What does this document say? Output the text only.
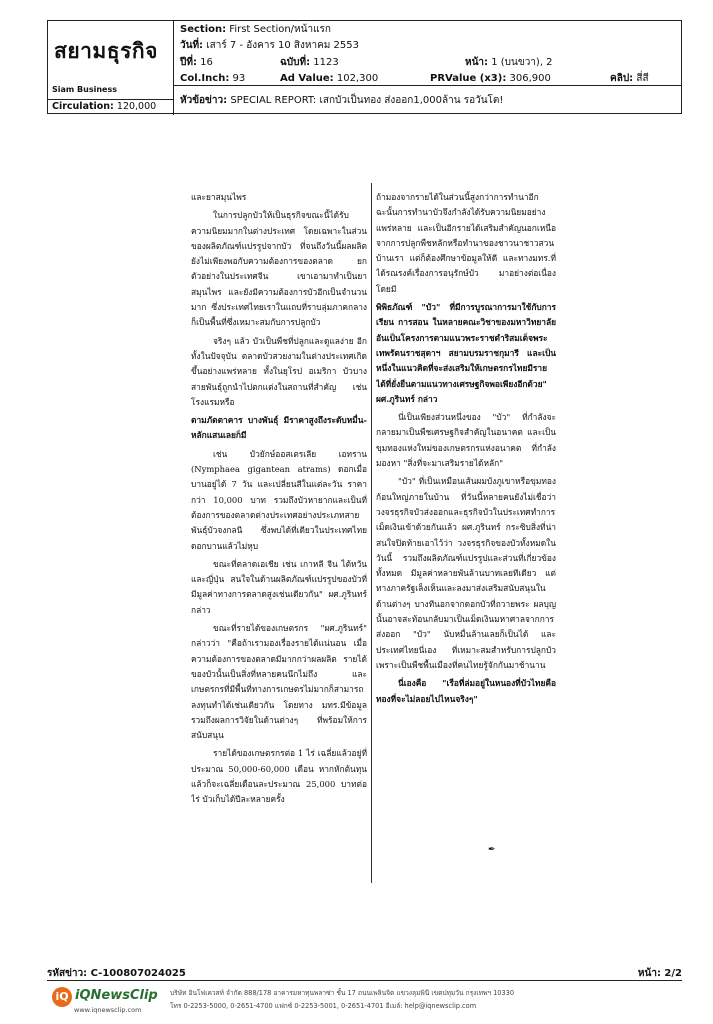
สยามธุรกิจ
Siam Business
Circulation: 120,000
Section: First Section/หน้าแรก
วันที่: เสาร์ 7 - อังคาร 10 สิงหาคม 2553
ปีที่: 16	ฉบับที่: 1123	หน้า: 1 (บนขวา), 2
Col.Inch: 93	Ad Value: 102,300	PRValue (x3): 306,900	คลิป: สี่สี
หัวข้อข่าว: SPECIAL REPORT: เสกบัวเป็นทอง ส่งออก1,000ล้าน รอวันโต!

และยาสมุนไพร

ในการปลูกบัวให้เป็นธุรกิจขณะนี้ได้รับความนิยมมากในต่างประเทศ โดยเฉพาะในส่วนของผลิตภัณฑ์แปรรูปจากบัว ที่จนถึงวันนี้ผลผลิตยังไม่เพียงพอกับความต้องการของตลาด ยกตัวอย่างในประเทศจีน เขาเอามาทำเป็นยาสมุนไพร และยังมีความต้องการบัวอีกเป็นจำนวนมาก ซึ่งประเทศไทยเราในแถบที่ราบลุ่มภาคกลางก็เป็นพื้นที่ซึ่งเหมาะสมกับการปลูกบัว

จริงๆ แล้ว บัวเป็นพืชที่ปลูกและดูแลง่าย อีกทั้งในปัจจุบัน ตลาดบัวสวยงามในต่างประเทศเกิดขึ้นอย่างแพร่หลาย ทั้งในยุโรป อเมริกา บัวบางสายพันธุ์ถูกนำไปตกแต่งในสถานที่สำคัญ เช่น โรงแรมหรือ

ตามภัตตาคาร บางพันธุ์ มีราคาสูงถึงระดับหมื่น-หลักแสนเลยก็มี

เช่น บัวยักษ์ออสเตรเลีย เอทราน (Nymphaea gigantean atrams) ดอกเมื่อบานอยู่ได้ 7 วัน และเปลี่ยนสีในแต่ละวัน ราคากว่า 10,000 บาท รวมถึงบัวหายากและเป็นที่ต้องการของตลาดต่างประเทศอย่างประเภทสายพันธุ์บัวจงกลนี ซึ่งพบได้ที่เดียวในประเทศไทย ดอกบานแล้วไม่หุบ

ขณะที่ตลาดเอเชีย เช่น เกาหลี จีน ไต้หวัน และญี่ปุ่น สนใจในด้านผลิตภัณฑ์แปรรูปของบัวที่มีมูลค่าทางการตลาดสูงเช่นเดียวกัน" ผศ.ภูรินทร์ กล่าว

ขณะที่รายได้ของเกษตรกร "ผศ.ภูรินทร์" กล่าวว่า "คือถ้าเรามองเรื่องรายได้แน่นอน เมื่อความต้องการของตลาดมีมากกว่าผลผลิต รายได้ของบัวนั้นเป็นสิ่งที่หลายคนนึกไม่ถึง และเกษตรกรที่มีพื้นที่ทางการเกษตรไม่มากก็สามารถลงทุนทำได้เช่นเดียวกัน โดยทาง มทร.มีข้อมูลรวมถึงผลการวิจัยในด้านต่างๆ ที่พร้อมให้การสนับสนุน

รายได้ของเกษตรกรต่อ 1 ไร่ เฉลี่ยแล้วอยู่ที่ประมาณ 50,000-60,000 เดือน หากหักต้นทุนแล้วก็จะเฉลี่ยเดือนละประมาณ 25,000 บาทต่อไร่ บัวเก็บได้ปีละหลายครั้ง

ถ้ามองจากรายได้ในส่วนนี้สูงกว่าการทำนาอีก ฉะนั้นการทำนาบัวจึงกำลังได้รับความนิยมอย่างแพร่หลาย และเป็นอีกรายได้เสริมสำคัญนอกเหนือจากการปลูกพืชหลักหรือทำนาของชาวนาชาวสวนบ้านเรา แต่ก็ต้องศึกษาข้อมูลให้ดี และทางมทร.ที่ได้รณรงค์เรื่องการอนุรักษ์บัว มาอย่างต่อเนื่อง โดยมี

พิพิธภัณฑ์ "บัว" ที่มีการบูรณาการมาใช้กับการเรียน การสอน ในหลายคณะวิชาของมหาวิทยาลัย อันเป็นโครงการตามแนวพระราชดำริสมเด็จพระเทพรัตนราชสุดาฯ สยามบรมราชกุมารี และเป็นหนึ่งในแนวคิดที่จะส่งเสริมให้เกษตรกรไทยมีรายได้ที่ยั่งยืนตามแนวทางเศรษฐกิจพอเพียงอีกด้วย" ผศ.ภูรินทร์ กล่าว

นี่เป็นเพียงส่วนหนึ่งของ "บัว" ที่กำลังจะกลายมาเป็นพืชเศรษฐกิจสำคัญในอนาคต และเป็นขุมทองแห่งใหม่ของเกษตรกรแห่งอนาคต ที่กำลังมองหา "สิ่งที่จะมาเสริมรายได้หลัก"

"บัว" ที่เป็นเหมือนเส้นผมบังภูเขาหรือขุมทองก้อนใหญ่ภายในบ้าน ที่วันนี้หลายคนยังไม่เชื่อว่า วงจรธุรกิจบัวส่งออกและธุรกิจบัวในประเทศทำการเม็ดเงินเข้าด้วยกันแล้ว ผศ.ภูรินทร์ กระซิบสิ่งที่น่าสนใจปิดท้ายเอาไว้ว่า วงจรธุรกิจของบัวทั้งหมดในวันนี้ รวมถึงผลิตภัณฑ์แปรรูปและส่วนที่เกี่ยวข้องทั้งหมด มีมูลค่าหลายพันล้านบาทเลยทีเดียว แต่ทางภาครัฐเล็งเห็นและลงมาส่งเสริมสนับสนุนในด้านต่างๆ บางทีนอกจากดอกบัวที่ถวายพระ ผลบุญนั้นอาจสะท้อนกลับมาเป็นเม็ดเงินมหาศาลจากการส่งออก "บัว" นับหมื่นล้านเลยก็เป็นได้ และประเทศไทยนี่เอง ที่เหมาะสมสำหรับการปลูกบัวเพราะเป็นพืชพื้นเมืองที่คนไทยรู้จักกันมาช้านาน

นี่เองคือ "เรือที่ล่มอยู่ในหนองที่บัวไทยคือทองที่จะไม่ลอยไปไหนจริงๆ"

✒
รหัสข่าว: C-100807024025	หน้า: 2/2
iQ iQNewsClip
www.iqnewsclip.com
บริษัท อินโฟเควสท์ จำกัด 888/178 อาคารมหาทุนพลาซ่า ชั้น 17 ถนนเพลินจิต แขวงลุมพินี เขตปทุมวัน กรุงเทพฯ 10330
โทร 0-2253-5000, 0-2651-4700 แฟกซ์ 0-2253-5001, 0-2651-4701 อีเมล์: help@iqnewsclip.com
